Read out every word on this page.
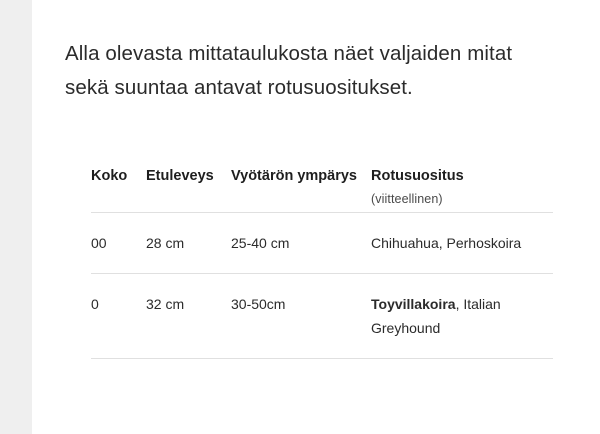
Alla olevasta mittataulukosta näet valjaiden mitat sekä suuntaa antavat rotusuositukset.

Koko	Etuleveys	Vyötärön ympärys	Rotusuositus
(viitteellinen)

00	28 cm	25-40 cm	Chihuahua, Perhoskoira
0	32 cm	30-50cm	Toyvillakoira, Italian Greyhound
